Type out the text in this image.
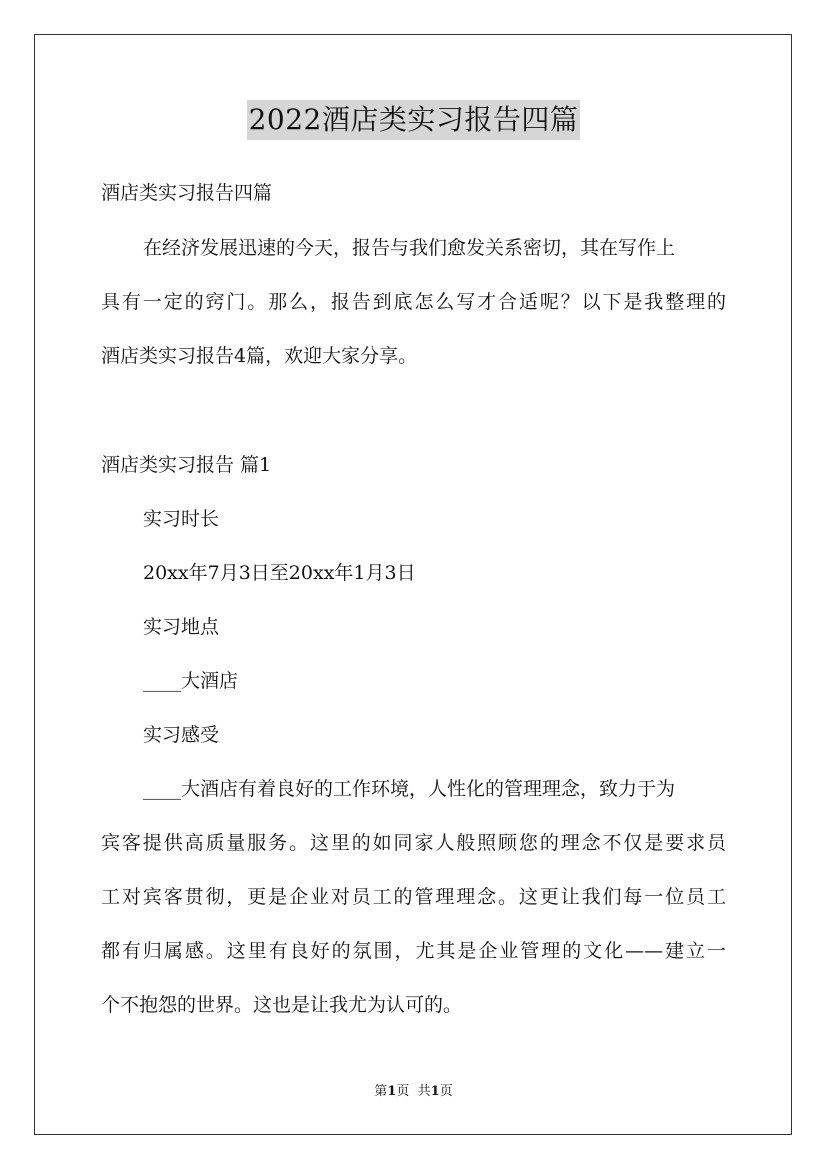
2022酒店类实习报告四篇
酒店类实习报告四篇
在经济发展迅速的今天，报告与我们愈发关系密切，其在写作上
具有一定的窍门。那么，报告到底怎么写才合适呢？以下是我整理的
酒店类实习报告4篇，欢迎大家分享。
酒店类实习报告 篇1
实习时长
20xx年7月3日至20xx年1月3日
实习地点
____大酒店
实习感受
____大酒店有着良好的工作环境，人性化的管理理念，致力于为
宾客提供高质量服务。这里的如同家人般照顾您的理念不仅是要求员
工对宾客贯彻，更是企业对员工的管理理念。这更让我们每一位员工
都有归属感。这里有良好的氛围，尤其是企业管理的文化——建立一
个不抱怨的世界。这也是让我尤为认可的。
第1页 共1页
